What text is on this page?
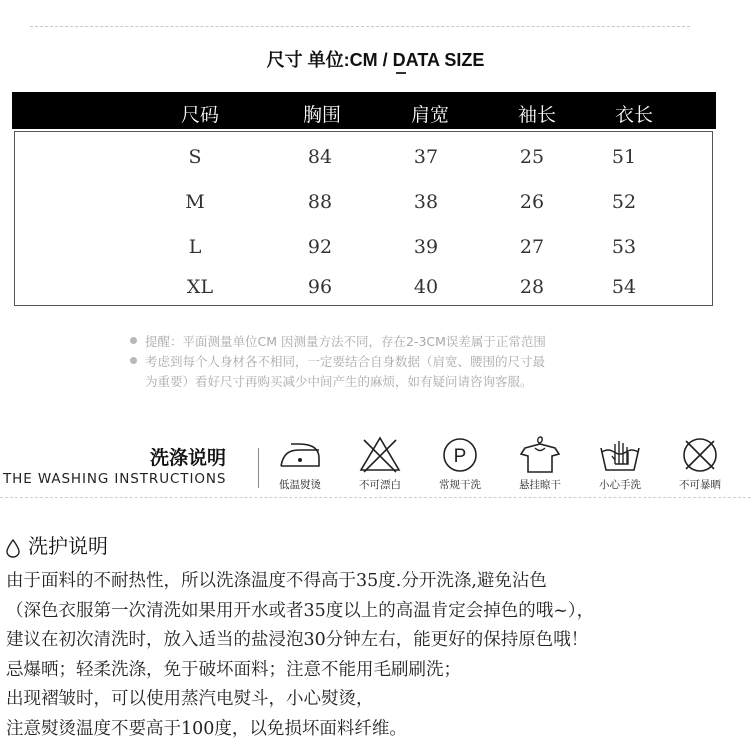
尺寸 单位:CM / DATA SIZE
尺码	胸围	肩宽	袖长	衣长
S	84	37	25	51
M	88	38	26	52
L	92	39	27	53
XL	96	40	28	54
提醒：平面测量单位CM 因测量方法不同，存在2-3CM误差属于正常范围
考虑到每个人身材各不相同，一定要结合自身数据（肩宽、腰围的尺寸最
为重要）看好尺寸再购买减少中间产生的麻烦，如有疑问请咨询客服。
洗涤说明
THE WASHING INSTRUCTIONS	低温熨烫	不可漂白
P
常规干洗	悬挂晾干	小心手洗	不可暴晒
洗护说明
由于面料的不耐热性，所以洗涤温度不得高于35度.分开洗涤,避免沾色
（深色衣服第一次清洗如果用开水或者35度以上的高温肯定会掉色的哦~），
建议在初次清洗时，放入适当的盐浸泡30分钟左右，能更好的保持原色哦！
忌爆晒；轻柔洗涤，免于破坏面料；注意不能用毛刷刷洗；
出现褶皱时，可以使用蒸汽电熨斗，小心熨烫，
注意熨烫温度不要高于100度，以免损坏面料纤维。
